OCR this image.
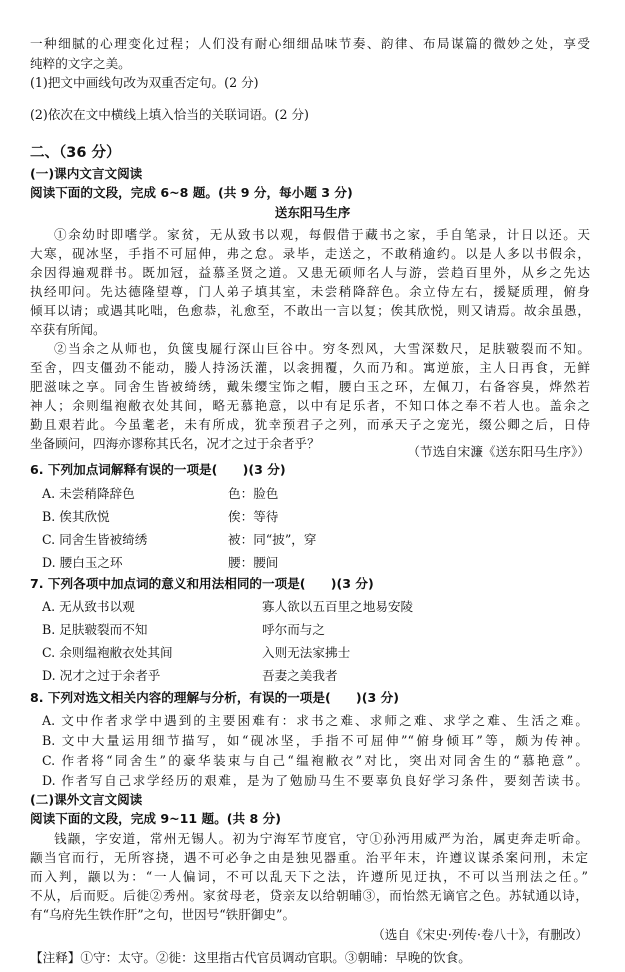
一种细腻的心理变化过程；人们没有耐心细细品味节奏、韵律、布局谋篇的微妙之处，享受
纯粹的文字之美。
(1)把文中画线句改为双重否定句。(2 分)
(2)依次在文中横线上填入恰当的关联词语。(2 分)
二、（36 分）
(一)课内文言文阅读
阅读下面的文段，完成 6~8 题。(共 9 分，每小题 3 分)
送东阳马生序
①余幼时即嗜学。家贫，无从致书以观，每假借于藏书之家，手自笔录，计日以还。天
大寒，砚冰坚，手指不可屈伸，弗之怠。录毕，走送之，不敢稍逾约。以是人多以书假余，
余因得遍观群书。既加冠，益慕圣贤之道。又患无硕师名人与游，尝趋百里外，从乡之先达
执经叩问。先达德隆望尊，门人弟子填其室，未尝稍降辞色。余立侍左右，援疑质理，俯身
倾耳以请；或遇其叱咄，色愈恭，礼愈至，不敢出一言以复；俟其欣悦，则又请焉。故余虽愚，
卒获有所闻。
②当余之从师也，负箧曳屣行深山巨谷中。穷冬烈风，大雪深数尺，足肤皲裂而不知。
至舍，四支僵劲不能动，媵人持汤沃灌，以衾拥覆，久而乃和。寓逆旅，主人日再食，无鲜
肥滋味之享。同舍生皆被绮绣，戴朱缨宝饰之帽，腰白玉之环，左佩刀，右备容臭，烨然若
神人；余则缊袍敝衣处其间，略无慕艳意，以中有足乐者，不知口体之奉不若人也。盖余之
勤且艰若此。今虽耄老，未有所成，犹幸预君子之列，而承天子之宠光，缀公卿之后，日侍
坐备顾问，四海亦谬称其氏名，况才之过于余者乎？
（节选自宋濂《送东阳马生序》）
6. 下列加点词解释有误的一项是(　　)(3 分)
A. 未尝稍降辞色	色：脸色
B. 俟其欣悦	俟：等待
C. 同舍生皆被绮绣	被：同“披”，穿
D. 腰白玉之环	腰：腰间
7. 下列各项中加点词的意义和用法相同的一项是(　　)(3 分)
A. 无从致书以观	寡人欲以五百里之地易安陵
B. 足肤皲裂而不知	呼尔而与之
C. 余则缊袍敝衣处其间	入则无法家拂士
D. 况才之过于余者乎	吾妻之美我者
8. 下列对选文相关内容的理解与分析，有误的一项是(　　)(3 分)
A. 文中作者求学中遇到的主要困难有：求书之难、求师之难、求学之难、生活之难。
B. 文中大量运用细节描写，如“砚冰坚，手指不可屈伸”“俯身倾耳”等，颇为传神。
C. 作者将“同舍生”的豪华装束与自己“缊袍敝衣”对比，突出对同舍生的“慕艳意”。
D. 作者写自己求学经历的艰难，是为了勉励马生不要辜负良好学习条件，要刻苦读书。
(二)课外文言文阅读
阅读下面的文段，完成 9~11 题。(共 8 分)
钱颛，字安道，常州无锡人。初为宁海军节度官，守①孙沔用威严为治，属吏奔走听命。
颛当官而行，无所容挠，遇不可必争之由是独见器重。治平年末，许遵议谋杀案问刑，未定
而入判，颛以为：“一人偏词，不可以乱天下之法，许遵所见迂执，不可以当刑法之任。”
不从，后而贬。后徙②秀州。家贫母老，贷亲友以给朝晡③，而怡然无谪官之色。苏轼通以诗，
有“乌府先生铁作肝”之句，世因号“铁肝御史”。
（选自《宋史·列传·卷八十》，有删改）
【注释】①守：太守。②徙：这里指古代官员调动官职。③朝晡：早晚的饮食。
